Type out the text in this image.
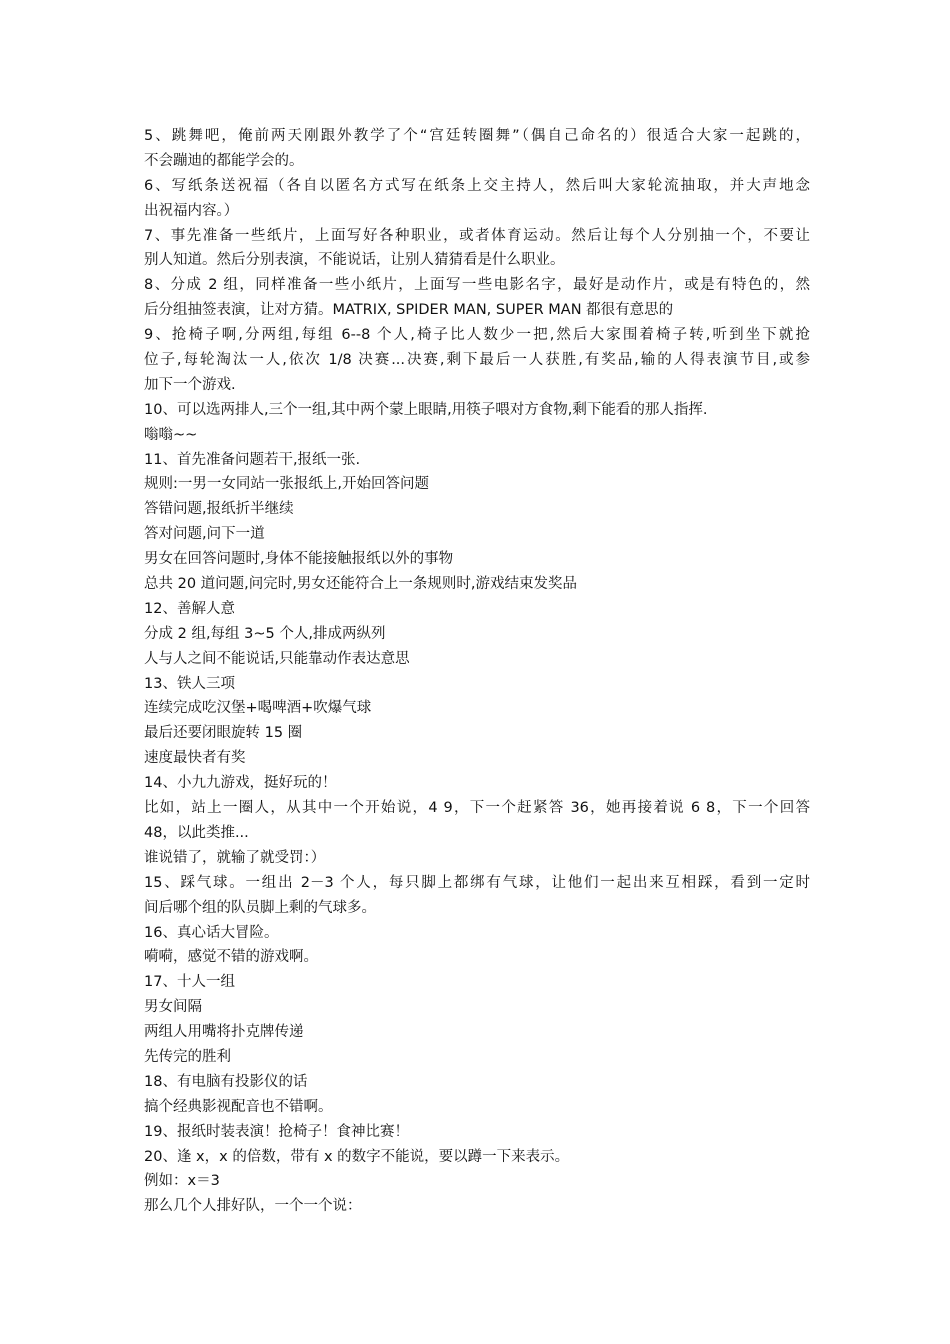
5、跳舞吧，俺前两天刚跟外教学了个“宫廷转圈舞”（偶自己命名的）很适合大家一起跳的，

不会蹦迪的都能学会的。

6、写纸条送祝福（各自以匿名方式写在纸条上交主持人，然后叫大家轮流抽取，并大声地念

出祝福内容。）

7、事先准备一些纸片，上面写好各种职业，或者体育运动。然后让每个人分别抽一个，不要让

别人知道。然后分别表演，不能说话，让别人猜猜看是什么职业。

8、分成 2 组，同样准备一些小纸片，上面写一些电影名字，最好是动作片，或是有特色的，然

后分组抽签表演，让对方猜。MATRIX, SPIDER MAN, SUPER MAN 都很有意思的

9、抢椅子啊,分两组,每组 6--8 个人,椅子比人数少一把,然后大家围着椅子转,听到坐下就抢

位子,每轮淘汰一人,依次 1/8 决赛...决赛,剩下最后一人获胜,有奖品,输的人得表演节目,或参

加下一个游戏.

10、可以选两排人,三个一组,其中两个蒙上眼睛,用筷子喂对方食物,剩下能看的那人指挥.

嗡嗡~~

11、首先准备问题若干,报纸一张.

规则:一男一女同站一张报纸上,开始回答问题

答错问题,报纸折半继续

答对问题,问下一道

男女在回答问题时,身体不能接触报纸以外的事物

总共 20 道问题,问完时,男女还能符合上一条规则时,游戏结束发奖品

12、善解人意

分成 2 组,每组 3~5 个人,排成两纵列

人与人之间不能说话,只能靠动作表达意思

13、铁人三项

连续完成吃汉堡+喝啤酒+吹爆气球

最后还要闭眼旋转 15 圈

速度最快者有奖

14、小九九游戏，挺好玩的！

比如，站上一圈人，从其中一个开始说，4 9，下一个赶紧答 36，她再接着说 6 8，下一个回答

48，以此类推...

谁说错了，就输了就受罚：）

15、踩气球。一组出 2－3 个人，每只脚上都绑有气球，让他们一起出来互相踩，看到一定时

间后哪个组的队员脚上剩的气球多。

16、真心话大冒险。

嗬嗬，感觉不错的游戏啊。

17、十人一组

男女间隔

两组人用嘴将扑克牌传递

先传完的胜利

18、有电脑有投影仪的话

搞个经典影视配音也不错啊。

19、报纸时装表演！抢椅子！食神比赛！

20、逢 x，x 的倍数，带有 x 的数字不能说，要以蹲一下来表示。

例如：x＝3

那么几个人排好队，一个一个说：
